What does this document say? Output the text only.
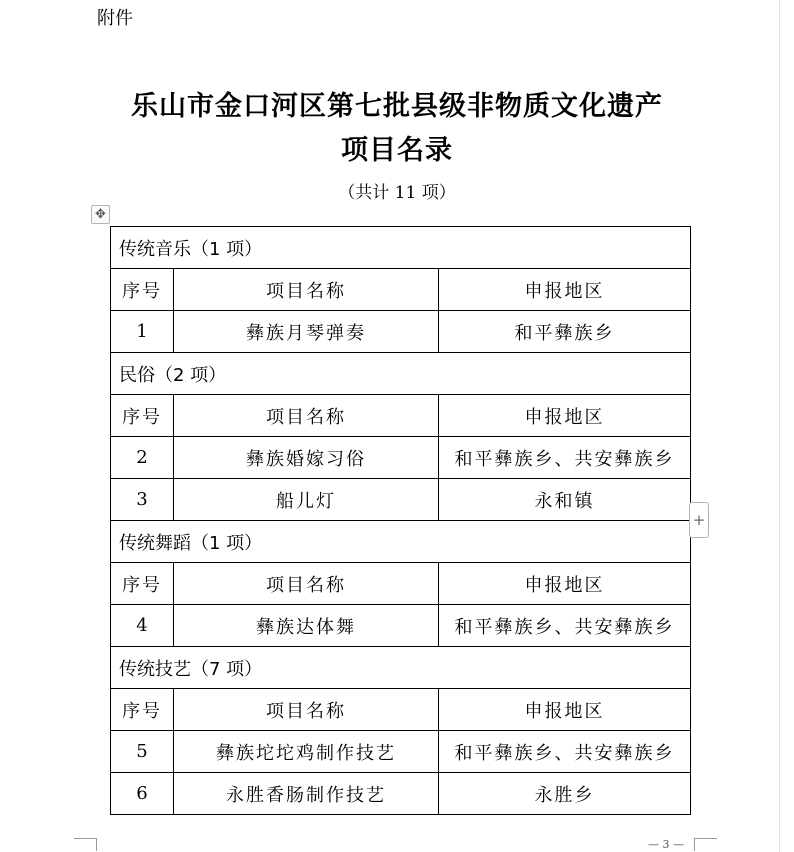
附件
乐山市金口河区第七批县级非物质文化遗产
项目名录
（共计 11 项）
✥
传统音乐（1 项）		
序号	项目名称	申报地区
1	彝族月琴弹奏	和平彝族乡
民俗（2 项）		
序号	项目名称	申报地区
2	彝族婚嫁习俗	和平彝族乡、共安彝族乡
3	船儿灯	永和镇
传统舞蹈（1 项）		
序号	项目名称	申报地区
4	彝族达体舞	和平彝族乡、共安彝族乡
传统技艺（7 项）		
序号	项目名称	申报地区
5	彝族坨坨鸡制作技艺	和平彝族乡、共安彝族乡
6	永胜香肠制作技艺	永胜乡
+
— 3 —
